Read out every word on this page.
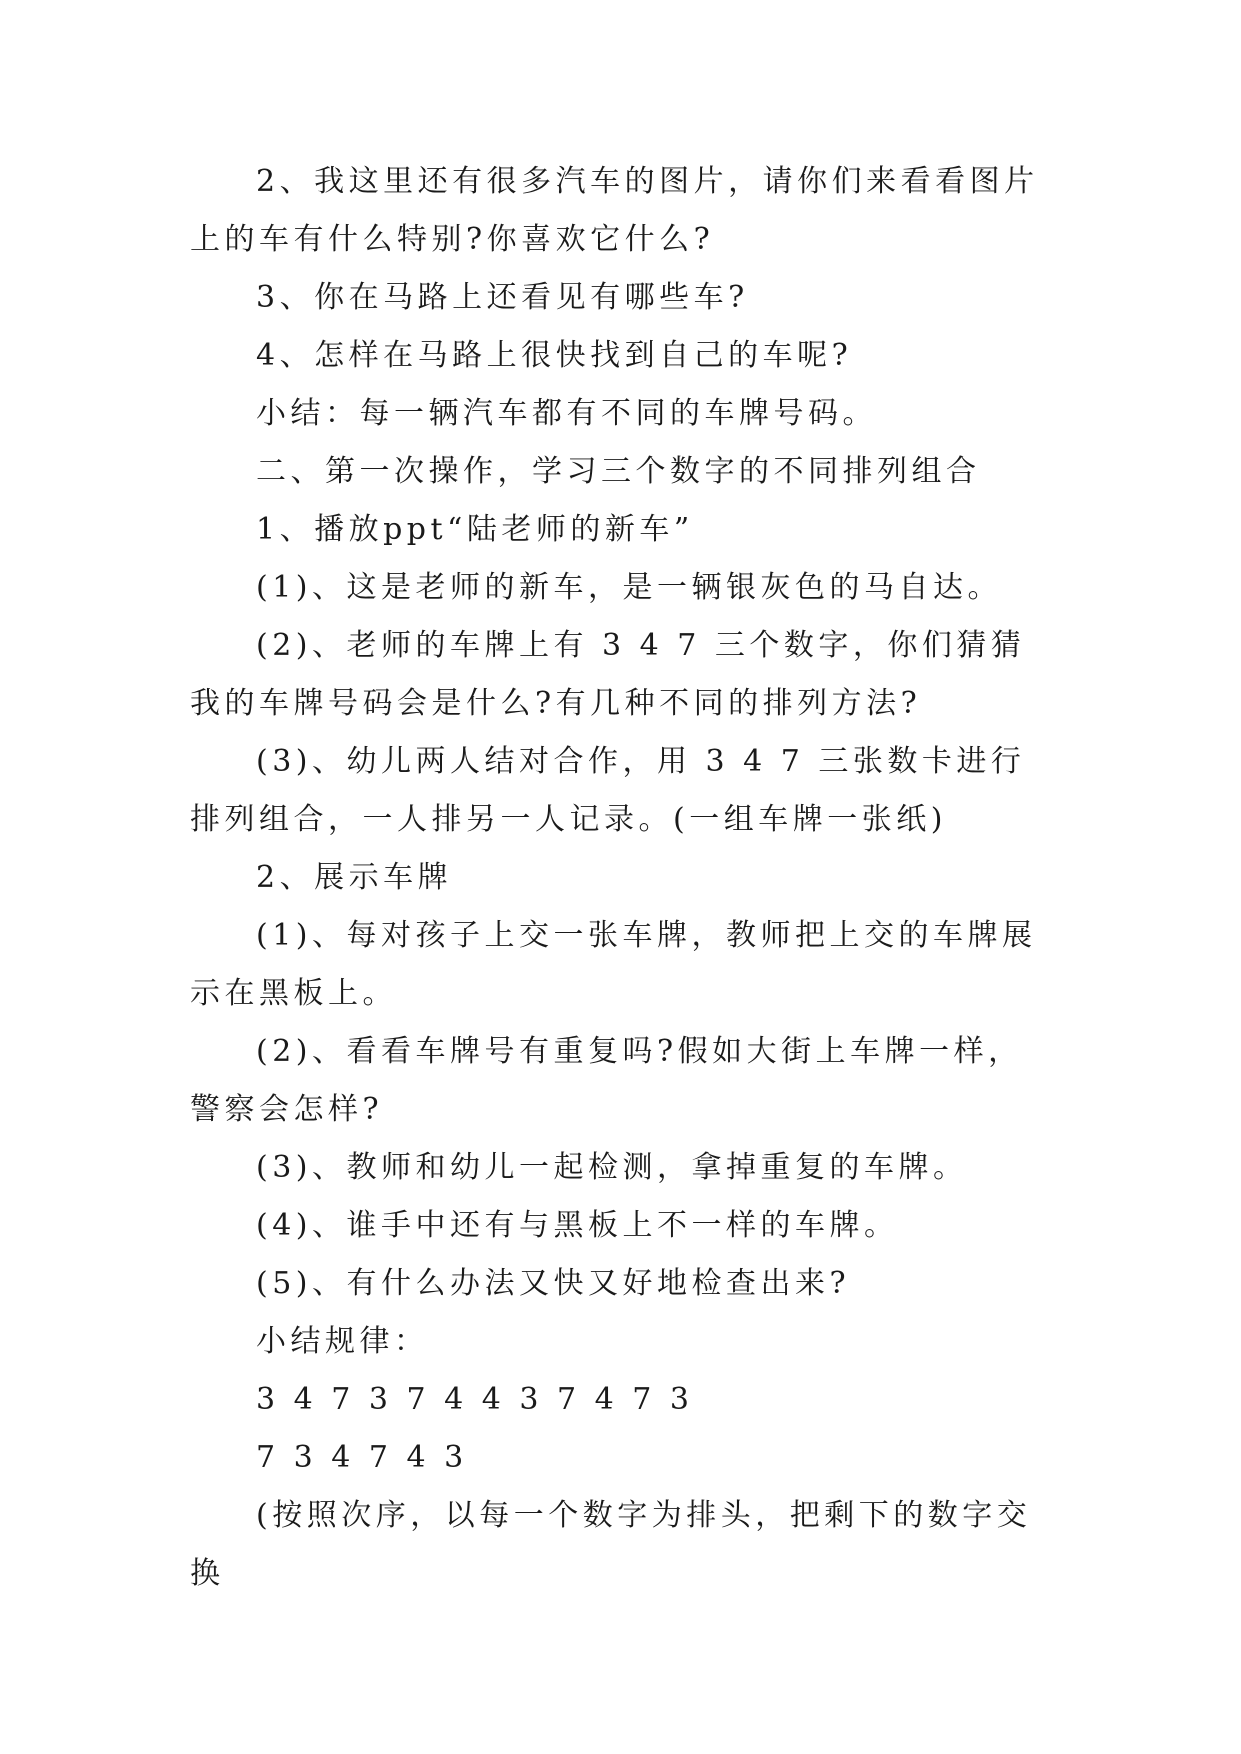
2、我这里还有很多汽车的图片，请你们来看看图片上的车有什么特别?你喜欢它什么?

3、你在马路上还看见有哪些车?

4、怎样在马路上很快找到自己的车呢?

小结：每一辆汽车都有不同的车牌号码。

二、第一次操作，学习三个数字的不同排列组合

1、播放ppt“陆老师的新车”

(1)、这是老师的新车，是一辆银灰色的马自达。

(2)、老师的车牌上有 3 4 7 三个数字，你们猜猜我的车牌号码会是什么?有几种不同的排列方法?

(3)、幼儿两人结对合作，用 3 4 7 三张数卡进行排列组合，一人排另一人记录。(一组车牌一张纸)

2、展示车牌

(1)、每对孩子上交一张车牌，教师把上交的车牌展示在黑板上。

(2)、看看车牌号有重复吗?假如大街上车牌一样，警察会怎样?

(3)、教师和幼儿一起检测，拿掉重复的车牌。

(4)、谁手中还有与黑板上不一样的车牌。

(5)、有什么办法又快又好地检查出来?

小结规律：

3 4 7 3 7 4 4 3 7 4 7 3

7 3 4 7 4 3

(按照次序，以每一个数字为排头，把剩下的数字交换
